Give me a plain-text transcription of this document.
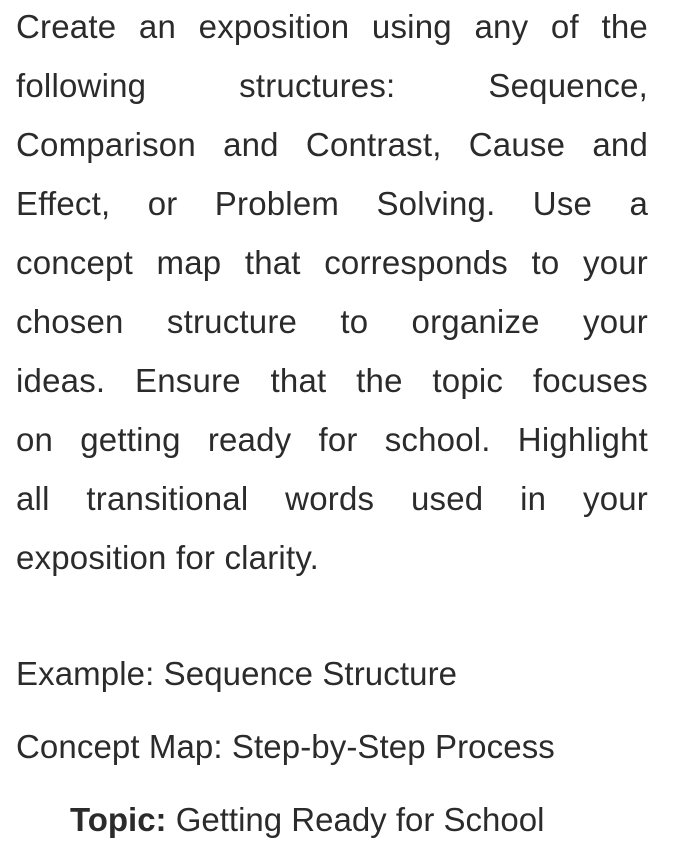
Create an exposition using any of the
following structures: Sequence,
Comparison and Contrast, Cause and
Effect, or Problem Solving. Use a
concept map that corresponds to your
chosen structure to organize your
ideas. Ensure that the topic focuses
on getting ready for school. Highlight
all transitional words used in your
exposition for clarity.
Example: Sequence Structure
Concept Map: Step-by-Step Process
Topic: Getting Ready for School
